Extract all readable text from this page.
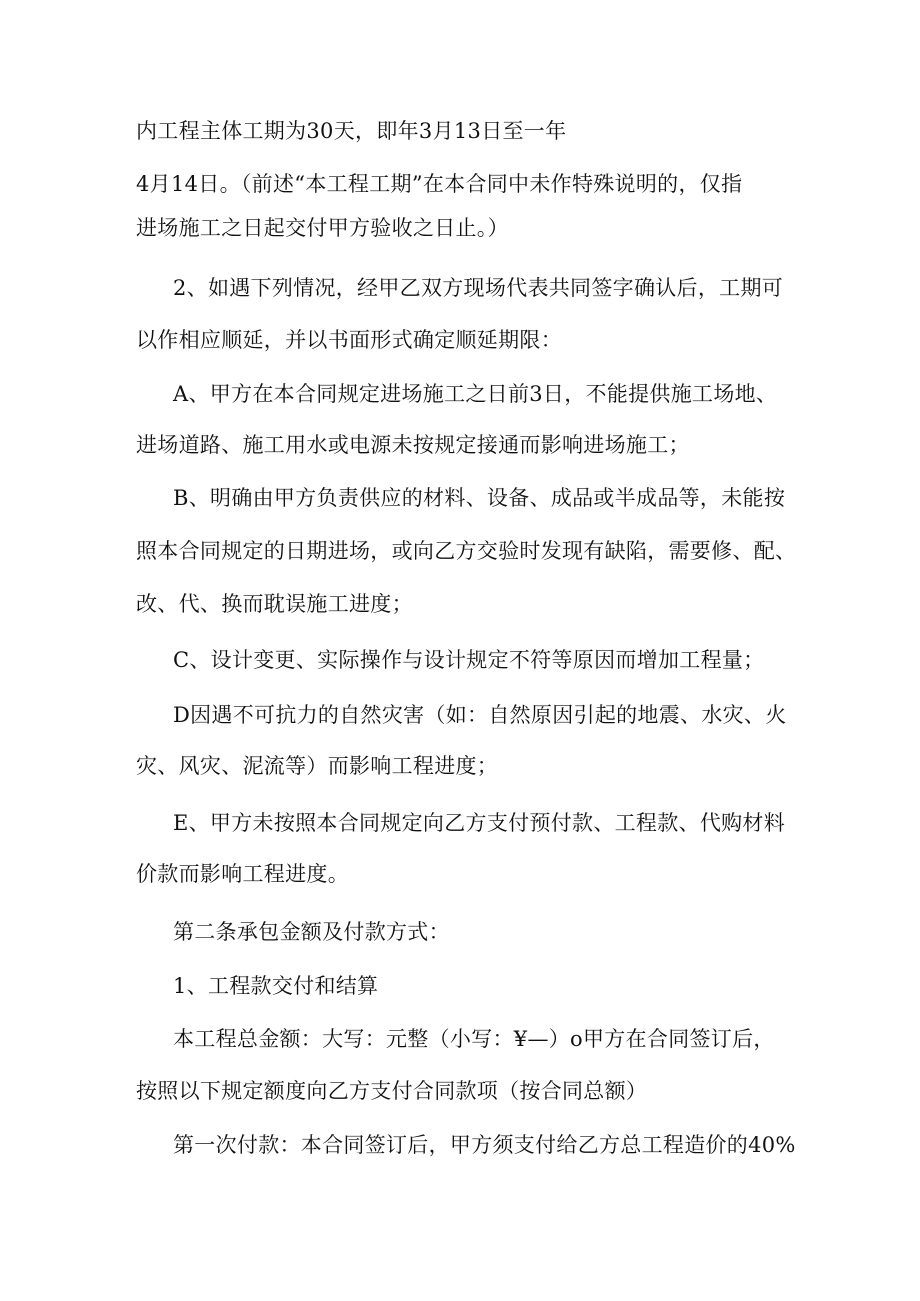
内工程主体工期为30天，即年3月13日至一年
4月14日。（前述“本工程工期”在本合同中未作特殊说明的，仅指
进场施工之日起交付甲方验收之日止。）
2、如遇下列情况，经甲乙双方现场代表共同签字确认后，工期可
以作相应顺延，并以书面形式确定顺延期限：
A、甲方在本合同规定进场施工之日前3日，不能提供施工场地、
进场道路、施工用水或电源未按规定接通而影响进场施工；
B、明确由甲方负责供应的材料、设备、成品或半成品等，未能按
照本合同规定的日期进场，或向乙方交验时发现有缺陷，需要修、配、
改、代、换而耽误施工进度；
C、设计变更、实际操作与设计规定不符等原因而增加工程量；
D因遇不可抗力的自然灾害（如：自然原因引起的地震、水灾、火
灾、风灾、泥流等）而影响工程进度；
E、甲方未按照本合同规定向乙方支付预付款、工程款、代购材料
价款而影响工程进度。
第二条承包金额及付款方式：
1、工程款交付和结算
本工程总金额：大写：元整（小写：¥—）o甲方在合同签订后，
按照以下规定额度向乙方支付合同款项（按合同总额）
第一次付款：本合同签订后，甲方须支付给乙方总工程造价的40%
